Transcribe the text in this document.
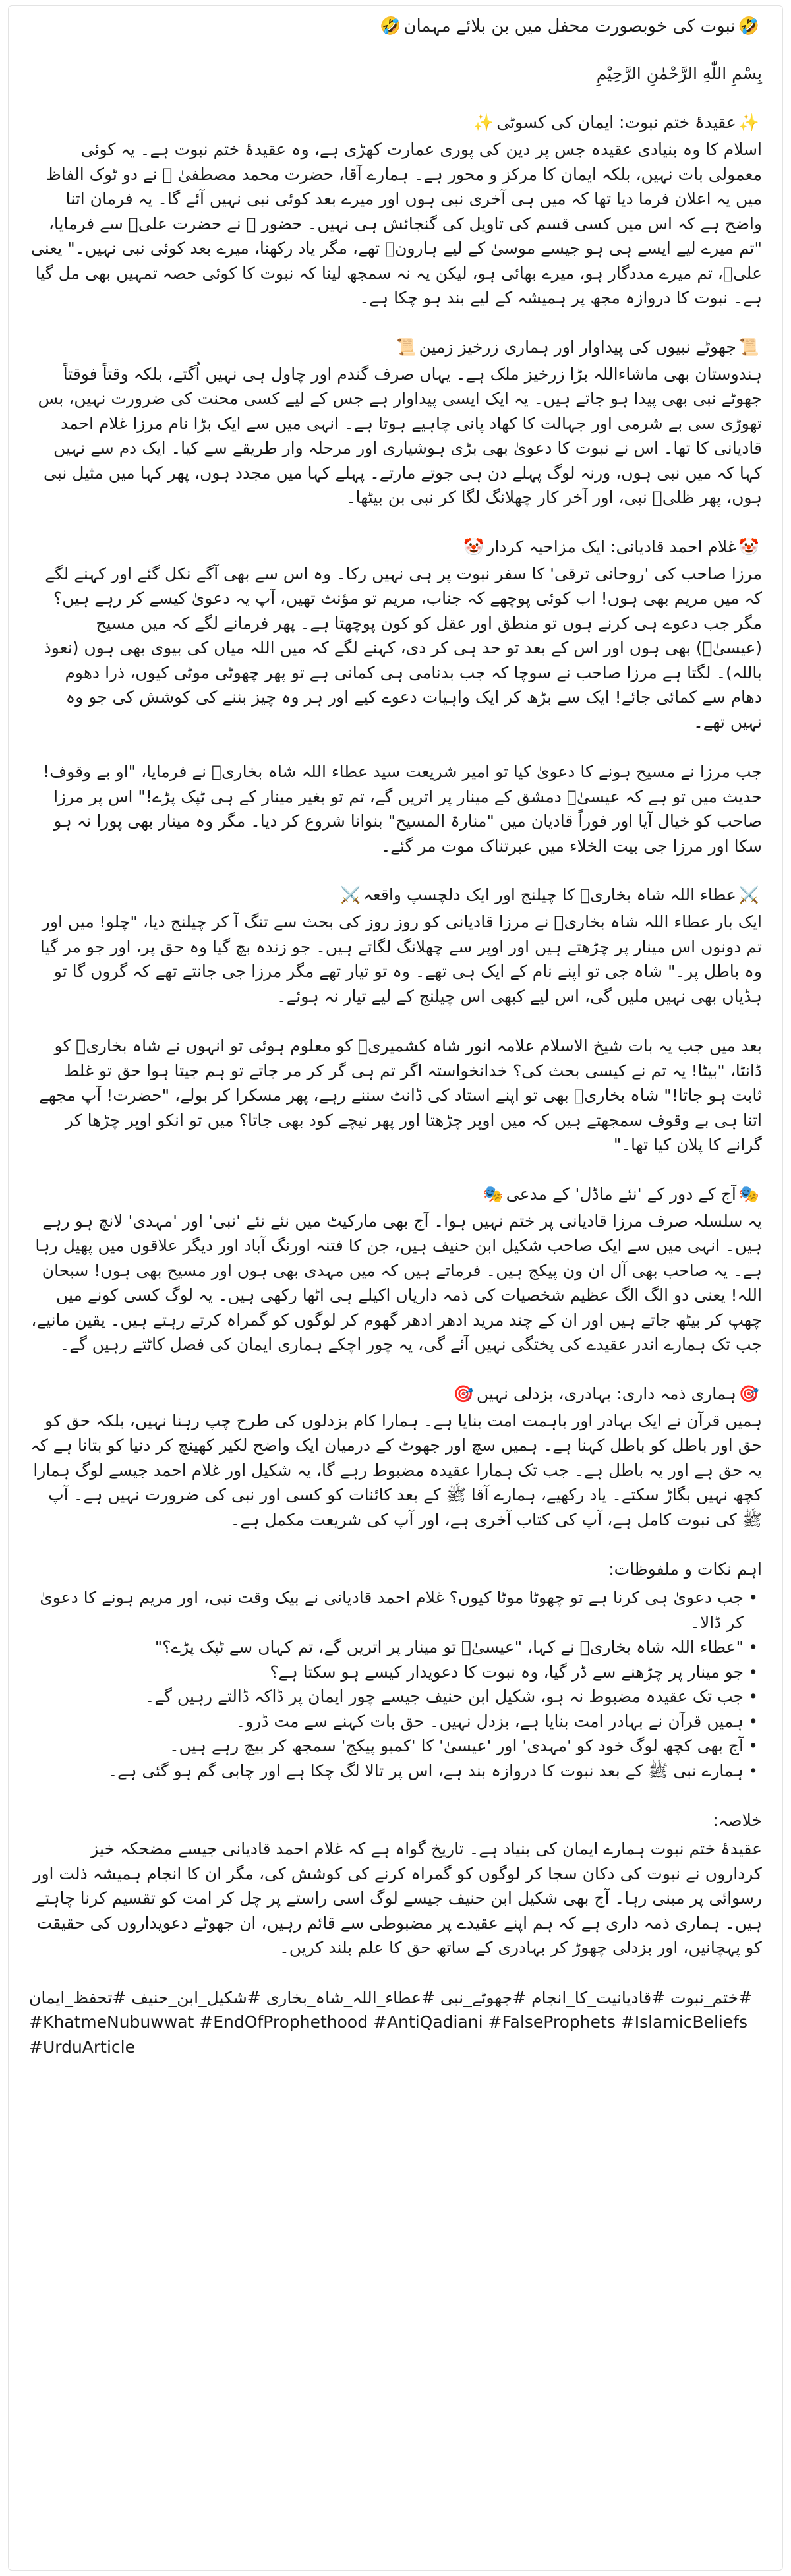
🤣نبوت کی خوبصورت محفل میں بن بلائے مہمان🤣

بِسْمِ اللّٰهِ الرَّحْمٰنِ الرَّحِیْمِ

✨عقیدۂ ختم نبوت: ایمان کی کسوٹی✨

اسلام کا وہ بنیادی عقیدہ جس پر دین کی پوری عمارت کھڑی ہے، وہ عقیدۂ ختم نبوت ہے۔ یہ کوئی معمولی بات نہیں، بلکہ ایمان کا مرکز و محور ہے۔ ہمارے آقا، حضرت محمد مصطفیٰ ﷺ نے دو ٹوک الفاظ میں یہ اعلان فرما دیا تھا کہ میں ہی آخری نبی ہوں اور میرے بعد کوئی نبی نہیں آئے گا۔ یہ فرمان اتنا واضح ہے کہ اس میں کسی قسم کی تاویل کی گنجائش ہی نہیں۔ حضور ﷺ نے حضرت علیؓ سے فرمایا، "تم میرے لیے ایسے ہی ہو جیسے موسیٰ کے لیے ہارونؑ تھے، مگر یاد رکھنا، میرے بعد کوئی نبی نہیں۔" یعنی علیؓ، تم میرے مددگار ہو، میرے بھائی ہو، لیکن یہ نہ سمجھ لینا کہ نبوت کا کوئی حصہ تمہیں بھی مل گیا ہے۔ نبوت کا دروازہ مجھ پر ہمیشہ کے لیے بند ہو چکا ہے۔

📜جھوٹے نبیوں کی پیداوار اور ہماری زرخیز زمین📜

ہندوستان بھی ماشاءاللہ بڑا زرخیز ملک ہے۔ یہاں صرف گندم اور چاول ہی نہیں اُگتے، بلکہ وقتاً فوقتاً جھوٹے نبی بھی پیدا ہو جاتے ہیں۔ یہ ایک ایسی پیداوار ہے جس کے لیے کسی محنت کی ضرورت نہیں، بس تھوڑی سی بے شرمی اور جہالت کا کھاد پانی چاہیے ہوتا ہے۔ انہی میں سے ایک بڑا نام مرزا غلام احمد قادیانی کا تھا۔ اس نے نبوت کا دعویٰ بھی بڑی ہوشیاری اور مرحلہ وار طریقے سے کیا۔ ایک دم سے نہیں کہا کہ میں نبی ہوں، ورنہ لوگ پہلے دن ہی جوتے مارتے۔ پہلے کہا میں مجدد ہوں، پھر کہا میں مثیل نبی ہوں، پھر ظلیؑ نبی، اور آخر کار چھلانگ لگا کر نبی بن بیٹھا۔

🤡غلام احمد قادیانی: ایک مزاحیہ کردار🤡

مرزا صاحب کی 'روحانی ترقی' کا سفر نبوت پر ہی نہیں رکا۔ وہ اس سے بھی آگے نکل گئے اور کہنے لگے کہ میں مریم بھی ہوں! اب کوئی پوچھے کہ جناب، مریم تو مؤنث تھیں، آپ یہ دعویٰ کیسے کر رہے ہیں؟ مگر جب دعوے ہی کرنے ہوں تو منطق اور عقل کو کون پوچھتا ہے۔ پھر فرمانے لگے کہ میں مسیح (عیسیٰؑ) بھی ہوں اور اس کے بعد تو حد ہی کر دی، کہنے لگے کہ میں اللہ میاں کی بیوی بھی ہوں (نعوذ باللہ)۔ لگتا ہے مرزا صاحب نے سوچا کہ جب بدنامی ہی کمانی ہے تو پھر چھوٹی موٹی کیوں، ذرا دھوم دھام سے کمائی جائے! ایک سے بڑھ کر ایک واہیات دعوے کیے اور ہر وہ چیز بننے کی کوشش کی جو وہ نہیں تھے۔

جب مرزا نے مسیح ہونے کا دعویٰ کیا تو امیر شریعت سید عطاء اللہ شاہ بخاریؒ نے فرمایا، "او بے وقوف! حدیث میں تو ہے کہ عیسیٰؑ دمشق کے مینار پر اتریں گے، تم تو بغیر مینار کے ہی ٹپک پڑے!" اس پر مرزا صاحب کو خیال آیا اور فوراً قادیان میں "منارۃ المسیح" بنوانا شروع کر دیا۔ مگر وہ مینار بھی پورا نہ ہو سکا اور مرزا جی بیت الخلاء میں عبرتناک موت مر گئے۔

⚔️عطاء اللہ شاہ بخاریؒ کا چیلنج اور ایک دلچسپ واقعہ⚔️

ایک بار عطاء اللہ شاہ بخاریؒ نے مرزا قادیانی کو روز روز کی بحث سے تنگ آ کر چیلنج دیا، "چلو! میں اور تم دونوں اس مینار پر چڑھتے ہیں اور اوپر سے چھلانگ لگاتے ہیں۔ جو زندہ بچ گیا وہ حق پر، اور جو مر گیا وہ باطل پر۔" شاہ جی تو اپنے نام کے ایک ہی تھے۔ وہ تو تیار تھے مگر مرزا جی جانتے تھے کہ گروں گا تو ہڈیاں بھی نہیں ملیں گی، اس لیے کبھی اس چیلنج کے لیے تیار نہ ہوئے۔

بعد میں جب یہ بات شیخ الاسلام علامہ انور شاہ کشمیریؒ کو معلوم ہوئی تو انہوں نے شاہ بخاریؒ کو ڈانٹا، "بیٹا! یہ تم نے کیسی بحث کی؟ خدانخواستہ اگر تم ہی گر کر مر جاتے تو ہم جیتا ہوا حق تو غلط ثابت ہو جاتا!" شاہ بخاریؒ بھی تو اپنے استاد کی ڈانٹ سننے رہے، پھر مسکرا کر بولے، "حضرت! آپ مجھے اتنا ہی بے وقوف سمجھتے ہیں کہ میں اوپر چڑھتا اور پھر نیچے کود بھی جاتا؟ میں تو انکو اوپر چڑھا کر گرانے کا پلان کیا تھا۔"

🎭آج کے دور کے 'نئے ماڈل' کے مدعی🎭

یہ سلسلہ صرف مرزا قادیانی پر ختم نہیں ہوا۔ آج بھی مارکیٹ میں نئے نئے 'نبی' اور 'مہدی' لانچ ہو رہے ہیں۔ انہی میں سے ایک صاحب شکیل ابن حنیف ہیں، جن کا فتنہ اورنگ آباد اور دیگر علاقوں میں پھیل رہا ہے۔ یہ صاحب بھی آل ان ون پیکج ہیں۔ فرماتے ہیں کہ میں مہدی بھی ہوں اور مسیح بھی ہوں! سبحان اللہ! یعنی دو الگ الگ عظیم شخصیات کی ذمہ داریاں اکیلے ہی اٹھا رکھی ہیں۔ یہ لوگ کسی کونے میں چھپ کر بیٹھ جاتے ہیں اور ان کے چند مرید ادھر ادھر گھوم کر لوگوں کو گمراہ کرتے رہتے ہیں۔ یقین مانیے، جب تک ہمارے اندر عقیدے کی پختگی نہیں آئے گی، یہ چور اچکے ہماری ایمان کی فصل کاٹتے رہیں گے۔

🎯ہماری ذمہ داری: بہادری، بزدلی نہیں🎯

ہمیں قرآن نے ایک بہادر اور باہمت امت بنایا ہے۔ ہمارا کام بزدلوں کی طرح چپ رہنا نہیں، بلکہ حق کو حق اور باطل کو باطل کہنا ہے۔ ہمیں سچ اور جھوٹ کے درمیان ایک واضح لکیر کھینچ کر دنیا کو بتانا ہے کہ یہ حق ہے اور یہ باطل ہے۔ جب تک ہمارا عقیدہ مضبوط رہے گا، یہ شکیل اور غلام احمد جیسے لوگ ہمارا کچھ نہیں بگاڑ سکتے۔ یاد رکھیے، ہمارے آقا ﷺ کے بعد کائنات کو کسی اور نبی کی ضرورت نہیں ہے۔ آپ ﷺ کی نبوت کامل ہے، آپ کی کتاب آخری ہے، اور آپ کی شریعت مکمل ہے۔

اہم نکات و ملفوظات:

• جب دعویٰ ہی کرنا ہے تو چھوٹا موٹا کیوں؟ غلام احمد قادیانی نے بیک وقت نبی، اور مریم ہونے کا دعویٰ کر ڈالا۔
• "عطاء اللہ شاہ بخاریؒ نے کہا، "عیسیٰؑ تو مینار پر اتریں گے، تم کہاں سے ٹپک پڑے؟"
• جو مینار پر چڑھنے سے ڈر گیا، وہ نبوت کا دعویدار کیسے ہو سکتا ہے؟
• جب تک عقیدہ مضبوط نہ ہو، شکیل ابن حنیف جیسے چور ایمان پر ڈاکہ ڈالتے رہیں گے۔
• ہمیں قرآن نے بہادر امت بنایا ہے، بزدل نہیں۔ حق بات کہنے سے مت ڈرو۔
• آج بھی کچھ لوگ خود کو 'مہدی' اور 'عیسیٰ' کا 'کمبو پیکج' سمجھ کر بیچ رہے ہیں۔
• ہمارے نبی ﷺ کے بعد نبوت کا دروازہ بند ہے، اس پر تالا لگ چکا ہے اور چابی گم ہو گئی ہے۔

خلاصہ:

عقیدۂ ختم نبوت ہمارے ایمان کی بنیاد ہے۔ تاریخ گواہ ہے کہ غلام احمد قادیانی جیسے مضحکہ خیز کرداروں نے نبوت کی دکان سجا کر لوگوں کو گمراہ کرنے کی کوشش کی، مگر ان کا انجام ہمیشہ ذلت اور رسوائی پر مبنی رہا۔ آج بھی شکیل ابن حنیف جیسے لوگ اسی راستے پر چل کر امت کو تقسیم کرنا چاہتے ہیں۔ ہماری ذمہ داری ہے کہ ہم اپنے عقیدے پر مضبوطی سے قائم رہیں، ان جھوٹے دعویداروں کی حقیقت کو پہچانیں، اور بزدلی چھوڑ کر بہادری کے ساتھ حق کا علم بلند کریں۔

#ختم_نبوت #قادیانیت_کا_انجام #جھوٹے_نبی #عطاء_اللہ_شاہ_بخاری #شکیل_ابن_حنیف #تحفظ_ایمان
#KhatmeNubuwwat #EndOfProphethood #AntiQadiani #FalseProphets #IslamicBeliefs #UrduArticle
